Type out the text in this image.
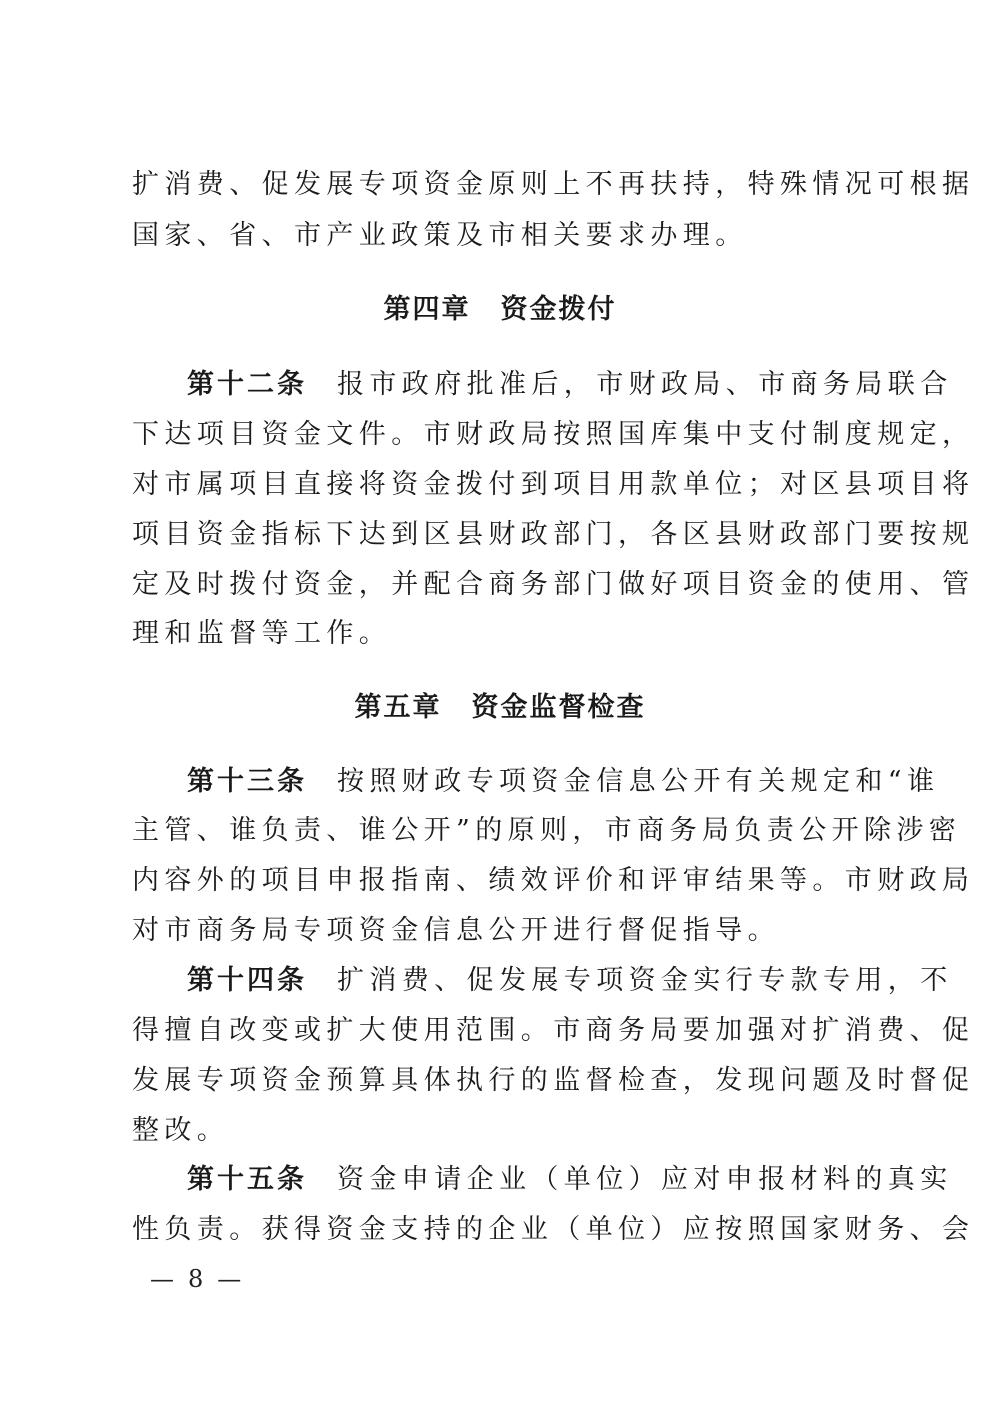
扩消费、促发展专项资金原则上不再扶持，特殊情况可根据
国家、省、市产业政策及市相关要求办理。
第四章 资金拨付
第十二条 报市政府批准后，市财政局、市商务局联合
下达项目资金文件。市财政局按照国库集中支付制度规定，
对市属项目直接将资金拨付到项目用款单位；对区县项目将
项目资金指标下达到区县财政部门，各区县财政部门要按规
定及时拨付资金，并配合商务部门做好项目资金的使用、管
理和监督等工作。
第五章 资金监督检查
第十三条 按照财政专项资金信息公开有关规定和“谁
主管、谁负责、谁公开”的原则，市商务局负责公开除涉密
内容外的项目申报指南、绩效评价和评审结果等。市财政局
对市商务局专项资金信息公开进行督促指导。
第十四条 扩消费、促发展专项资金实行专款专用，不
得擅自改变或扩大使用范围。市商务局要加强对扩消费、促
发展专项资金预算具体执行的监督检查，发现问题及时督促
整改。
第十五条 资金申请企业（单位）应对申报材料的真实
性负责。获得资金支持的企业（单位）应按照国家财务、会
— 8 —
